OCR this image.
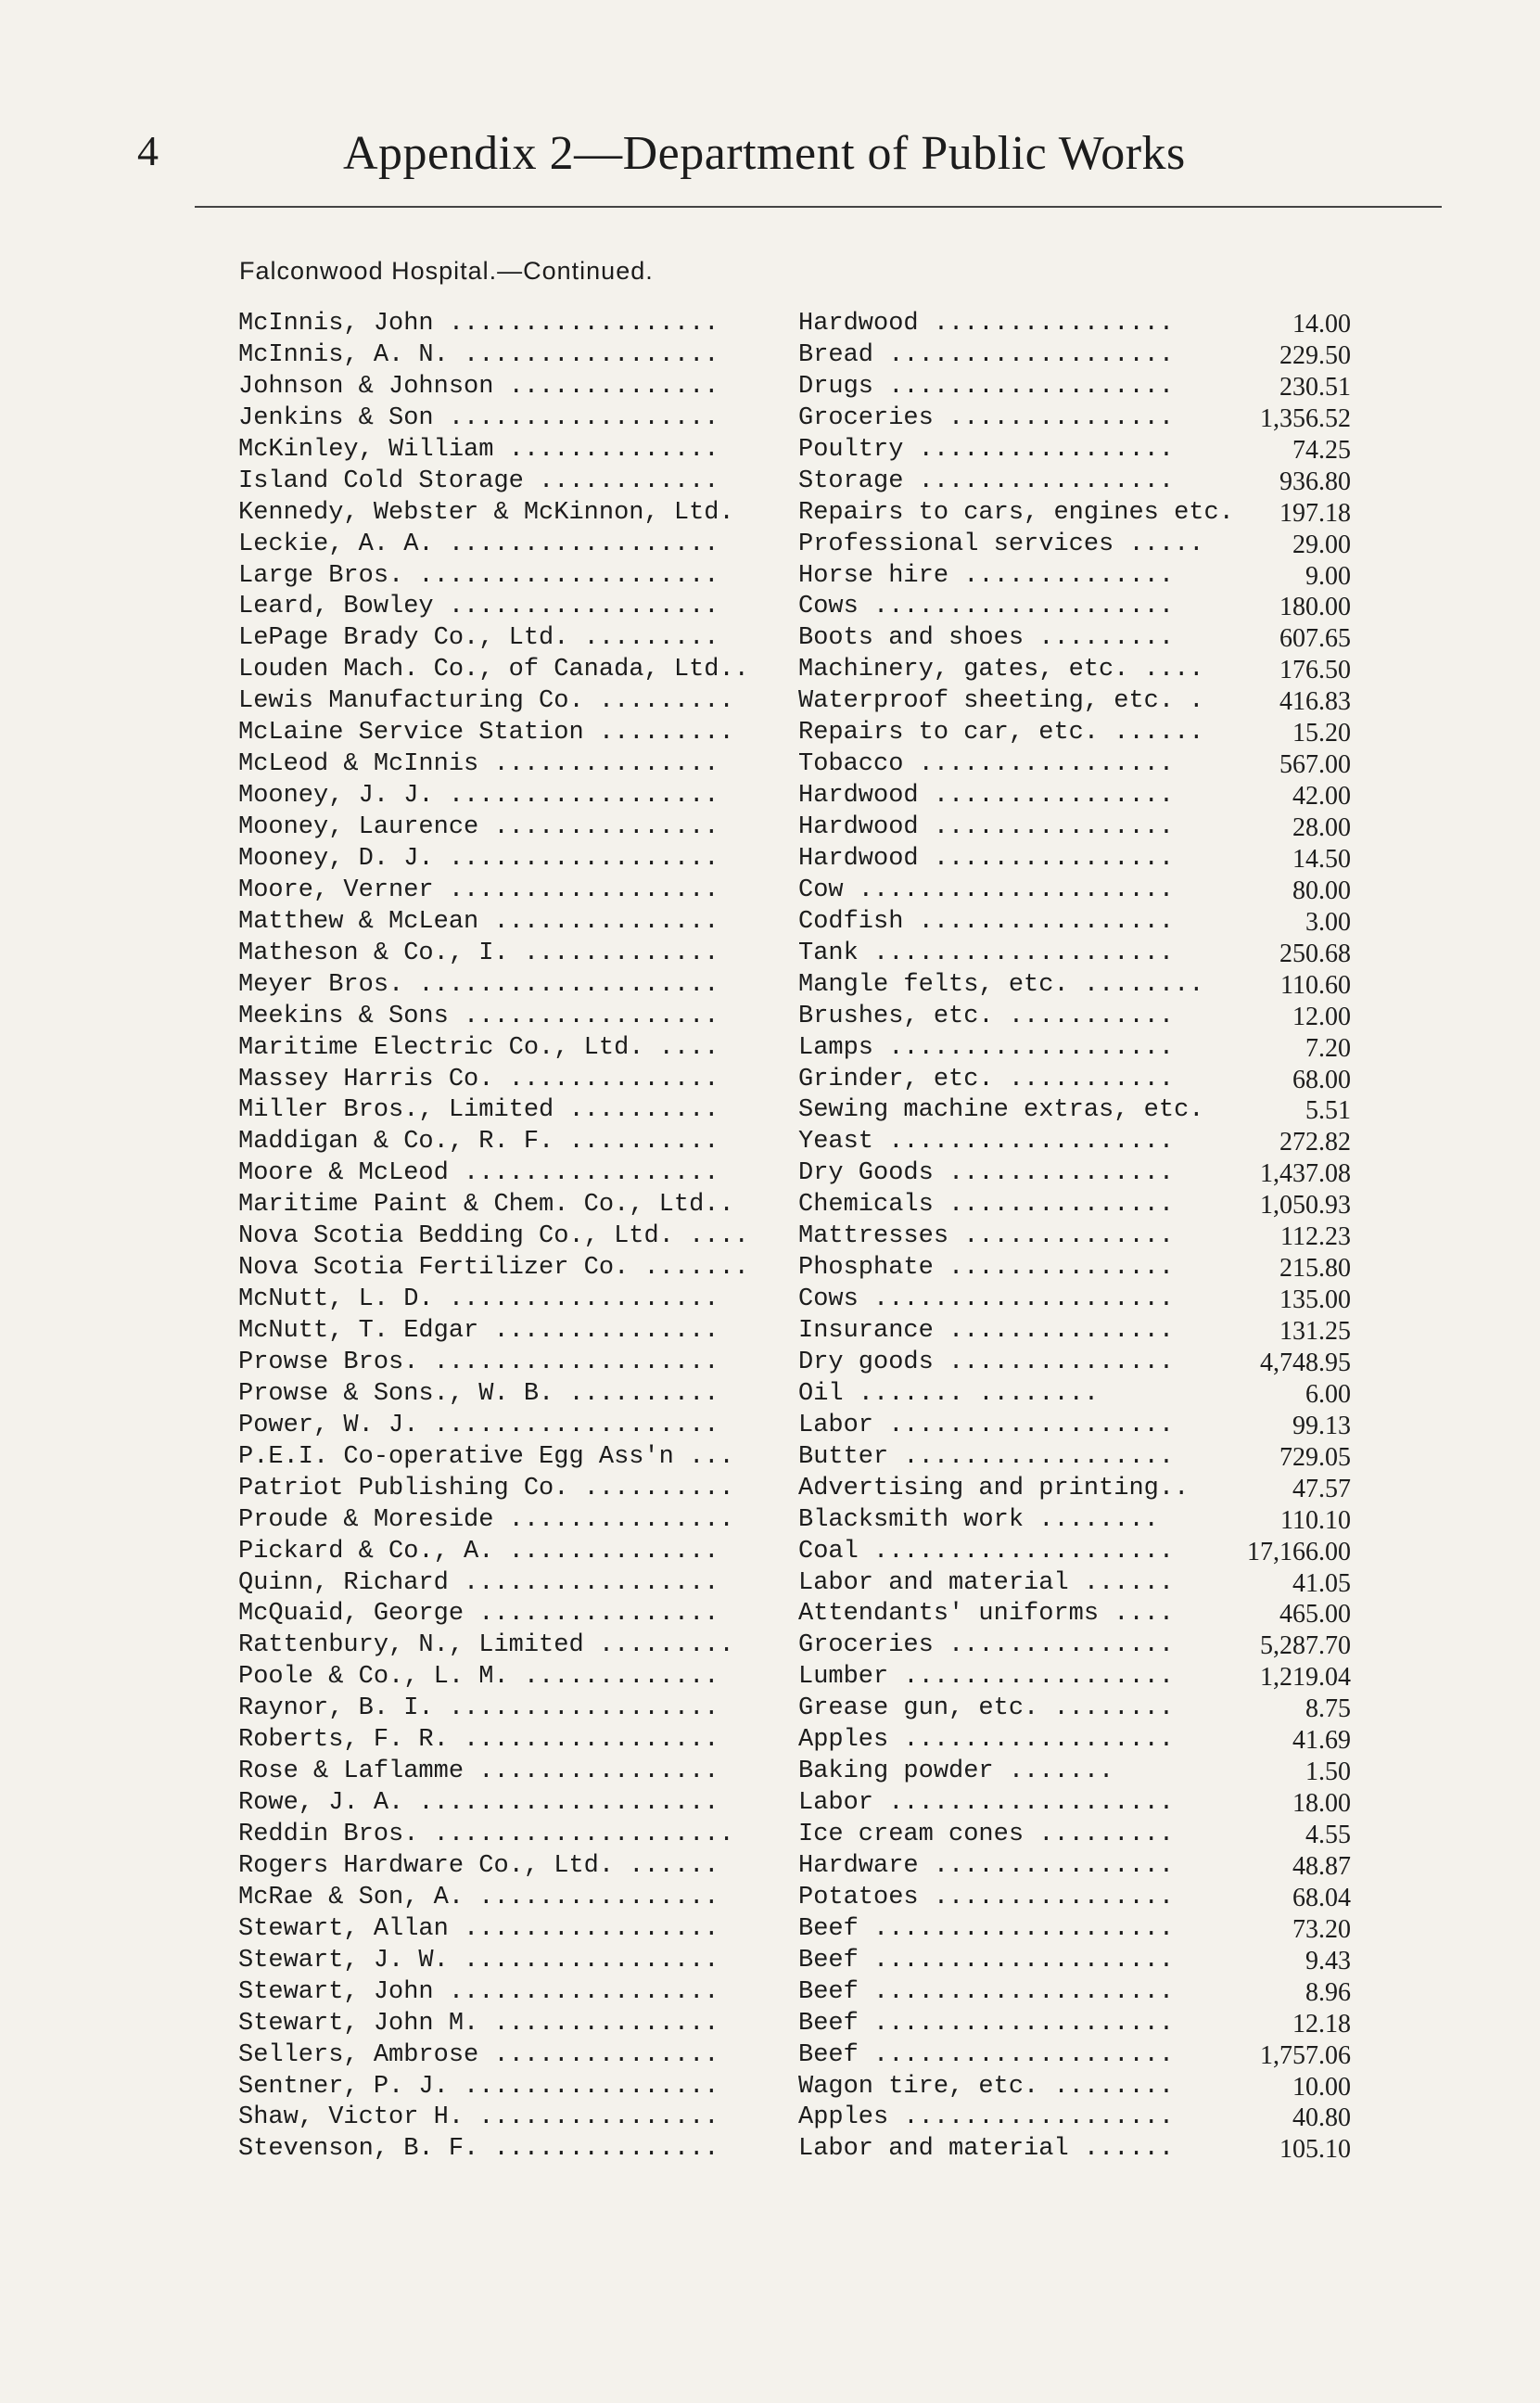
4	Appendix 2—Department of Public Works
Falconwood Hospital.—Continued.
McInnis, John ..................	Hardwood ................	14.00
McInnis, A. N. .................	Bread ...................	229.50
Johnson & Johnson ..............	Drugs ...................	230.51
Jenkins & Son ..................	Groceries ...............	1,356.52
McKinley, William ..............	Poultry .................	74.25
Island Cold Storage ............	Storage .................	936.80
Kennedy, Webster & McKinnon, Ltd.	Repairs to cars, engines etc. 197.18
Leckie, A. A. ..................	Professional services .....	29.00
Large Bros. ....................	Horse hire ..............	9.00
Leard, Bowley ..................	Cows ....................	180.00
LePage Brady Co., Ltd. .........	Boots and shoes .........	607.65
Louden Mach. Co., of Canada, Ltd.. Machinery, gates, etc. ....	176.50
Lewis Manufacturing Co. .........	Waterproof sheeting, etc. .	416.83
McLaine Service Station .........	Repairs to car, etc. ......	15.20
McLeod & McInnis ...............	Tobacco .................	567.00
Mooney, J. J. ..................	Hardwood ................	42.00
Mooney, Laurence ...............	Hardwood ................	28.00
Mooney, D. J. ..................	Hardwood ................	14.50
Moore, Verner ..................	Cow .....................	80.00
Matthew & McLean ...............	Codfish .................	3.00
Matheson & Co., I. .............	Tank ....................	250.68
Meyer Bros. ....................	Mangle felts, etc. ........	110.60
Meekins & Sons .................	Brushes, etc. ...........	12.00
Maritime Electric Co., Ltd. ....	Lamps ...................	7.20
Massey Harris Co. ..............	Grinder, etc. ...........	68.00
Miller Bros., Limited ..........	Sewing machine extras, etc.	5.51
Maddigan & Co., R. F. ..........	Yeast ...................	272.82
Moore & McLeod .................	Dry Goods ...............	1,437.08
Maritime Paint & Chem. Co., Ltd..	Chemicals ...............	1,050.93
Nova Scotia Bedding Co., Ltd. .... Mattresses ..............	112.23
Nova Scotia Fertilizer Co. ....... Phosphate ...............	215.80
McNutt, L. D. ..................	Cows ....................	135.00
McNutt, T. Edgar ...............	Insurance ...............	131.25
Prowse Bros. ...................	Dry goods ...............	4,748.95
Prowse & Sons., W. B. ..........	Oil ....... ........	6.00
Power, W. J. ...................	Labor ...................	99.13
P.E.I. Co-operative Egg Ass'n ...	Butter ..................	729.05
Patriot Publishing Co. ..........	Advertising and printing..	47.57
Proude & Moreside ...............	Blacksmith work ........	110.10
Pickard & Co., A. ..............	Coal ....................	17,166.00
Quinn, Richard .................	Labor and material ......	41.05
McQuaid, George ................	Attendants' uniforms ....	465.00
Rattenbury, N., Limited .........	Groceries ...............	5,287.70
Poole & Co., L. M. .............	Lumber ..................	1,219.04
Raynor, B. I. ..................	Grease gun, etc. ........	8.75
Roberts, F. R. .................	Apples ..................	41.69
Rose & Laflamme ................	Baking powder .......	1.50
Rowe, J. A. ....................	Labor ...................	18.00
Reddin Bros. ....................	Ice cream cones .........	4.55
Rogers Hardware Co., Ltd. ......	Hardware ................	48.87
McRae & Son, A. ................	Potatoes ................	68.04
Stewart, Allan .................	Beef ....................	73.20
Stewart, J. W. .................	Beef ....................	9.43
Stewart, John ..................	Beef ....................	8.96
Stewart, John M. ...............	Beef ....................	12.18
Sellers, Ambrose ...............	Beef ....................	1,757.06
Sentner, P. J. .................	Wagon tire, etc. ........	10.00
Shaw, Victor H. ................	Apples ..................	40.80
Stevenson, B. F. ...............	Labor and material ......	105.10
